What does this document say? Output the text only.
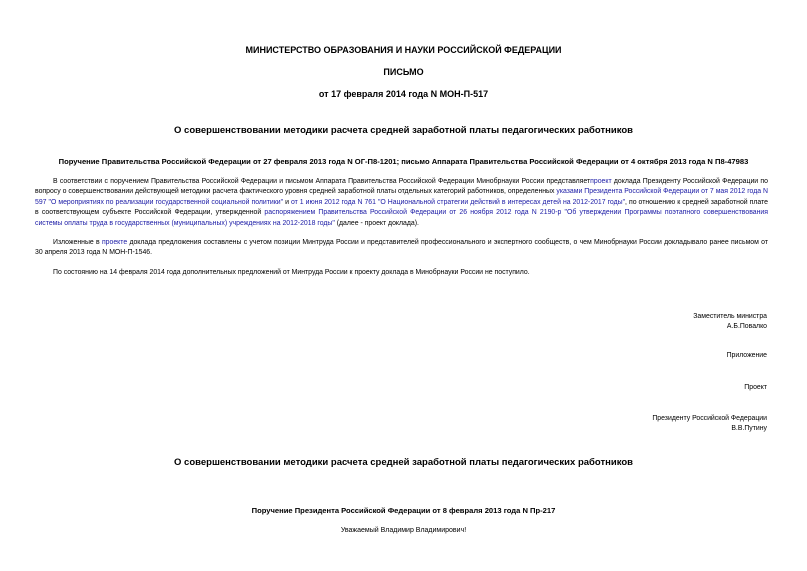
МИНИСТЕРСТВО ОБРАЗОВАНИЯ И НАУКИ РОССИЙСКОЙ ФЕДЕРАЦИИ
ПИСЬМО
от 17 февраля 2014 года N МОН-П-517
О совершенствовании методики расчета средней заработной платы педагогических работников
Поручение Правительства Российской Федерации от 27 февраля 2013 года N ОГ-П8-1201; письмо Аппарата Правительства Российской Федерации от 4 октября 2013 года N П8-47983

В соответствии с поручением Правительства Российской Федерации и письмом Аппарата Правительства Российской Федерации Минобрнауки России представляетпроект доклада Президенту Российской Федерации по вопросу о совершенствовании действующей методики расчета фактического уровня средней заработной платы отдельных категорий работников, определенных указами Президента Российской Федерации от 7 мая 2012 года N 597 "О мероприятиях по реализации государственной социальной политики" и от 1 июня 2012 года N 761 "О Национальной стратегии действий в интересах детей на 2012-2017 годы", по отношению к средней заработной плате в соответствующем субъекте Российской Федерации, утвержденной распоряжением Правительства Российской Федерации от 26 ноября 2012 года N 2190-р "Об утверждении Программы поэтапного совершенствования системы оплаты труда в государственных (муниципальных) учреждениях на 2012-2018 годы" (далее - проект доклада).

Изложенные в проекте доклада предложения составлены с учетом позиции Минтруда России и представителей профессионального и экспертного сообществ, о чем Минобрнауки России докладывало ранее письмом от 30 апреля 2013 года N МОН-П-1546.

По состоянию на 14 февраля 2014 года дополнительных предложений от Минтруда России к проекту доклада в Минобрнауки России не поступило.

Заместитель министра
А.Б.Повалко
Приложение
Проект
Президенту Российской Федерации
В.В.Путину
О совершенствовании методики расчета средней заработной платы педагогических работников
Поручение Президента Российской Федерации от 8 февраля 2013 года N Пр-217
Уважаемый Владимир Владимирович!
